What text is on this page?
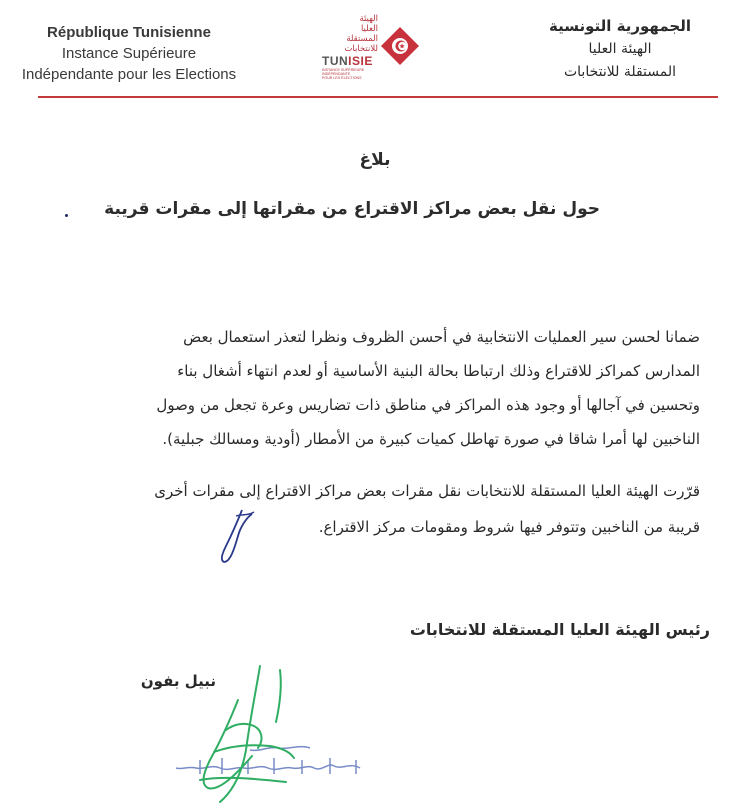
République Tunisienne
Instance Supérieure
Indépendante pour les Elections
الهيئة
العليا
المستقلة
للانتخابات
TUNISIE
INSTANCE SUPÉRIEURE
INDÉPENDANTE
POUR LES ÉLECTIONS
الجمهورية التونسية
الهيئة العليا
المستقلة للانتخابات
بلاغ
حول نقل بعض مراكز الاقتراع من مقراتها إلى مقرات قريبة
ضمانا لحسن سير العمليات الانتخابية في أحسن الظروف ونظرا لتعذر استعمال بعض
المدارس كمراكز للاقتراع وذلك ارتباطا بحالة البنية الأساسية أو لعدم انتهاء أشغال بناء
وتحسين في آجالها أو وجود هذه المراكز في مناطق ذات تضاريس وعرة تجعل من وصول
الناخبين لها أمرا شاقا في صورة تهاطل كميات كبيرة من الأمطار (أودية ومسالك جبلية).
قرّرت الهيئة العليا المستقلة للانتخابات نقل مقرات بعض مراكز الاقتراع إلى مقرات أخرى
قريبة من الناخبين وتتوفر فيها شروط ومقومات مركز الاقتراع.
رئيس الهيئة العليا المستقلة للانتخابات
نبيل بفون
